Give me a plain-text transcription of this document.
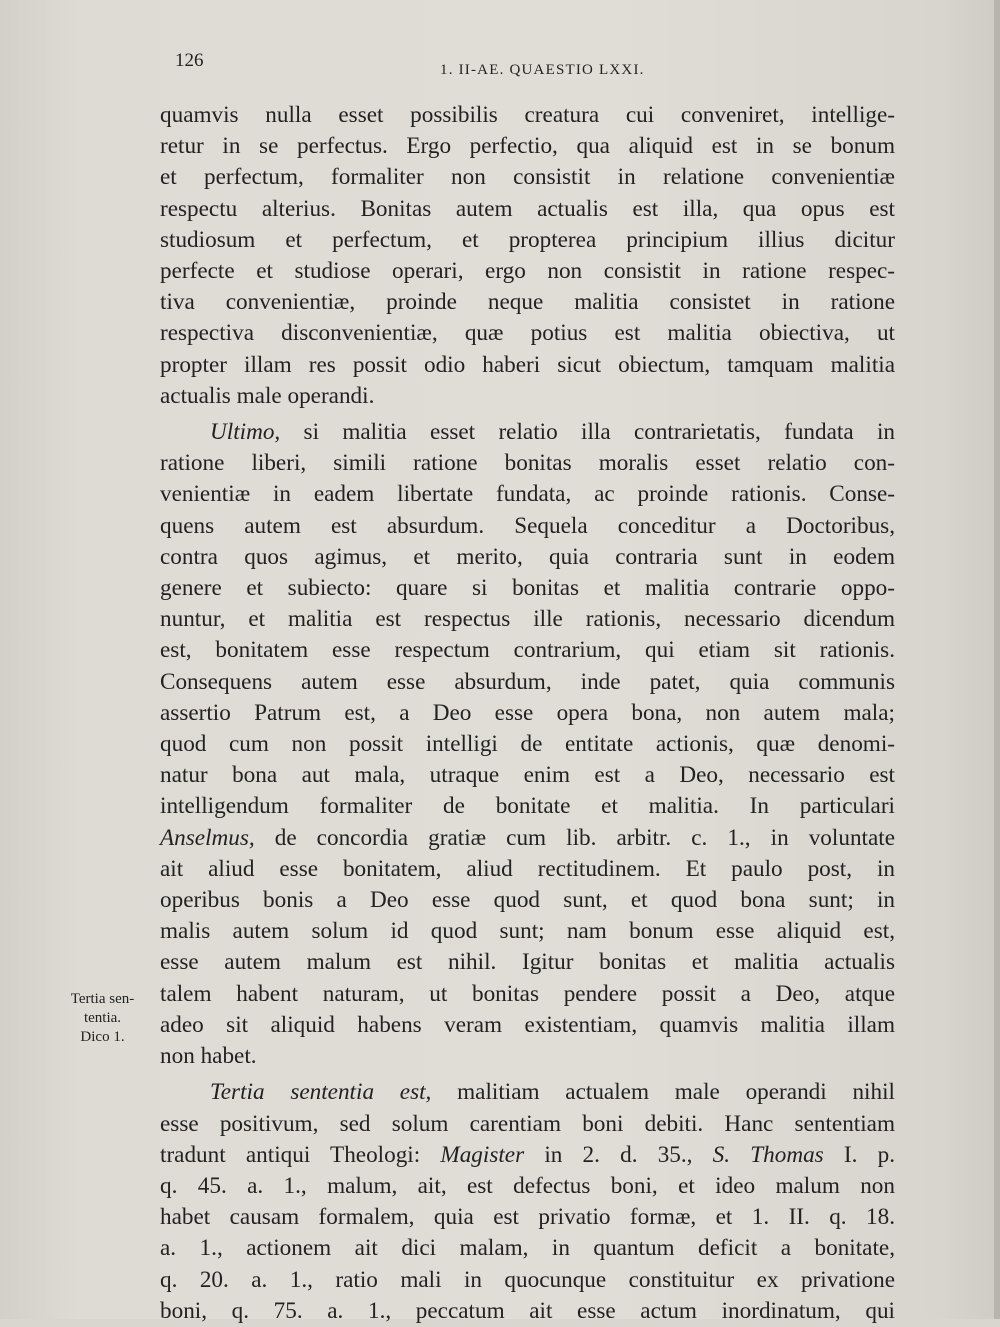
126	1. II-AE. QUAESTIO LXXI.
Tertia sen-
tentia.
Dico 1.

quamvis nulla esset possibilis creatura cui conveniret, intellige-
retur in se perfectus. Ergo perfectio, qua aliquid est in se bonum
et perfectum, formaliter non consistit in relatione convenientiæ
respectu alterius. Bonitas autem actualis est illa, qua opus est
studiosum et perfectum, et propterea principium illius dicitur
perfecte et studiose operari, ergo non consistit in ratione respec-
tiva convenientiæ, proinde neque malitia consistet in ratione
respectiva disconvenientiæ, quæ potius est malitia obiectiva, ut
propter illam res possit odio haberi sicut obiectum, tamquam malitia
actualis male operandi.

Ultimo, si malitia esset relatio illa contrarietatis, fundata in
ratione liberi, simili ratione bonitas moralis esset relatio con-
venientiæ in eadem libertate fundata, ac proinde rationis. Conse-
quens autem est absurdum. Sequela conceditur a Doctoribus,
contra quos agimus, et merito, quia contraria sunt in eodem
genere et subiecto: quare si bonitas et malitia contrarie oppo-
nuntur, et malitia est respectus ille rationis, necessario dicendum
est, bonitatem esse respectum contrarium, qui etiam sit rationis.
Consequens autem esse absurdum, inde patet, quia communis
assertio Patrum est, a Deo esse opera bona, non autem mala;
quod cum non possit intelligi de entitate actionis, quæ denomi-
natur bona aut mala, utraque enim est a Deo, necessario est
intelligendum formaliter de bonitate et malitia. In particulari
Anselmus, de concordia gratiæ cum lib. arbitr. c. 1., in voluntate
ait aliud esse bonitatem, aliud rectitudinem. Et paulo post, in
operibus bonis a Deo esse quod sunt, et quod bona sunt; in
malis autem solum id quod sunt; nam bonum esse aliquid est,
esse autem malum est nihil. Igitur bonitas et malitia actualis
talem habent naturam, ut bonitas pendere possit a Deo, atque
adeo sit aliquid habens veram existentiam, quamvis malitia illam
non habet.

Tertia sententia est, malitiam actualem male operandi nihil
esse positivum, sed solum carentiam boni debiti. Hanc sententiam
tradunt antiqui Theologi: Magister in 2. d. 35., S. Thomas I. p.
q. 45. a. 1., malum, ait, est defectus boni, et ideo malum non
habet causam formalem, quia est privatio formæ, et 1. II. q. 18.
a. 1., actionem ait dici malam, in quantum deficit a bonitate,
q. 20. a. 1., ratio mali in quocunque constituitur ex privatione
boni, q. 75. a. 1., peccatum ait esse actum inordinatum, qui
